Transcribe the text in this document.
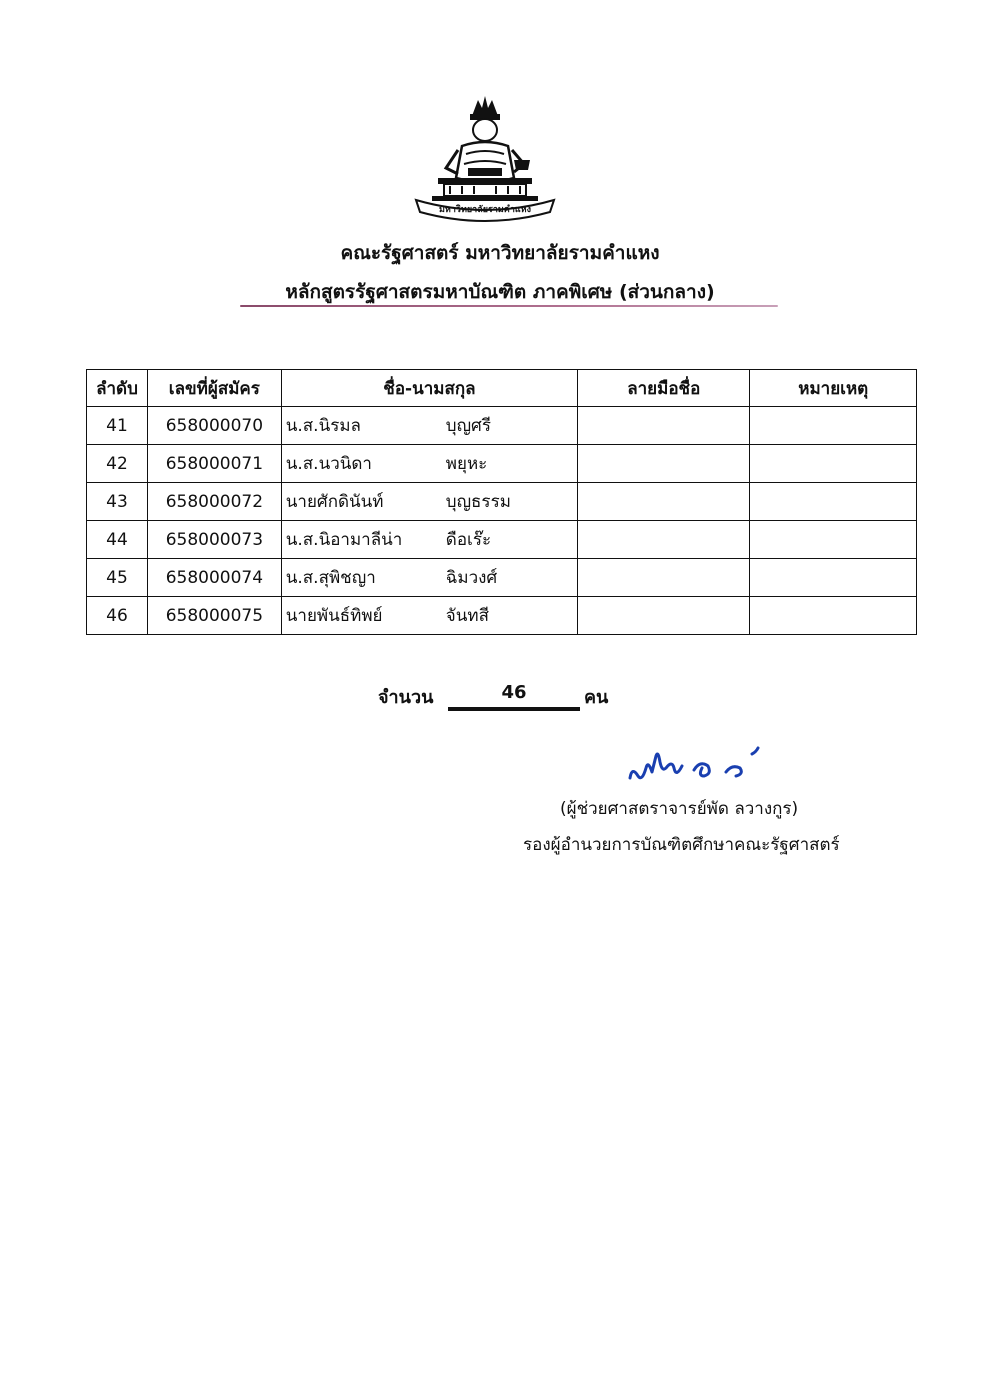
มหาวิทยาลัยรามคำแหง
คณะรัฐศาสตร์ มหาวิทยาลัยรามคำแหง
หลักสูตรรัฐศาสตรมหาบัณฑิต ภาคพิเศษ (ส่วนกลาง)
ลำดับ	เลขที่ผู้สมัคร	ชื่อ-นามสกุล	ลายมือชื่อ	หมายเหตุ
41	658000070	น.ส.นิรมล บุญศรี		
42	658000071	น.ส.นวนิดา พยุหะ		
43	658000072	นายศักดินันท์ บุญธรรม		
44	658000073	น.ส.นิอามาลีน่า ดือเร๊ะ		
45	658000074	น.ส.สุพิชญา ฉิมวงศ์		
46	658000075	นายพันธ์ทิพย์ จันทสี		
จำนวน	46	คน
(ผู้ช่วยศาสตราจารย์พัด ลวางกูร)
รองผู้อำนวยการบัณฑิตศึกษาคณะรัฐศาสตร์
